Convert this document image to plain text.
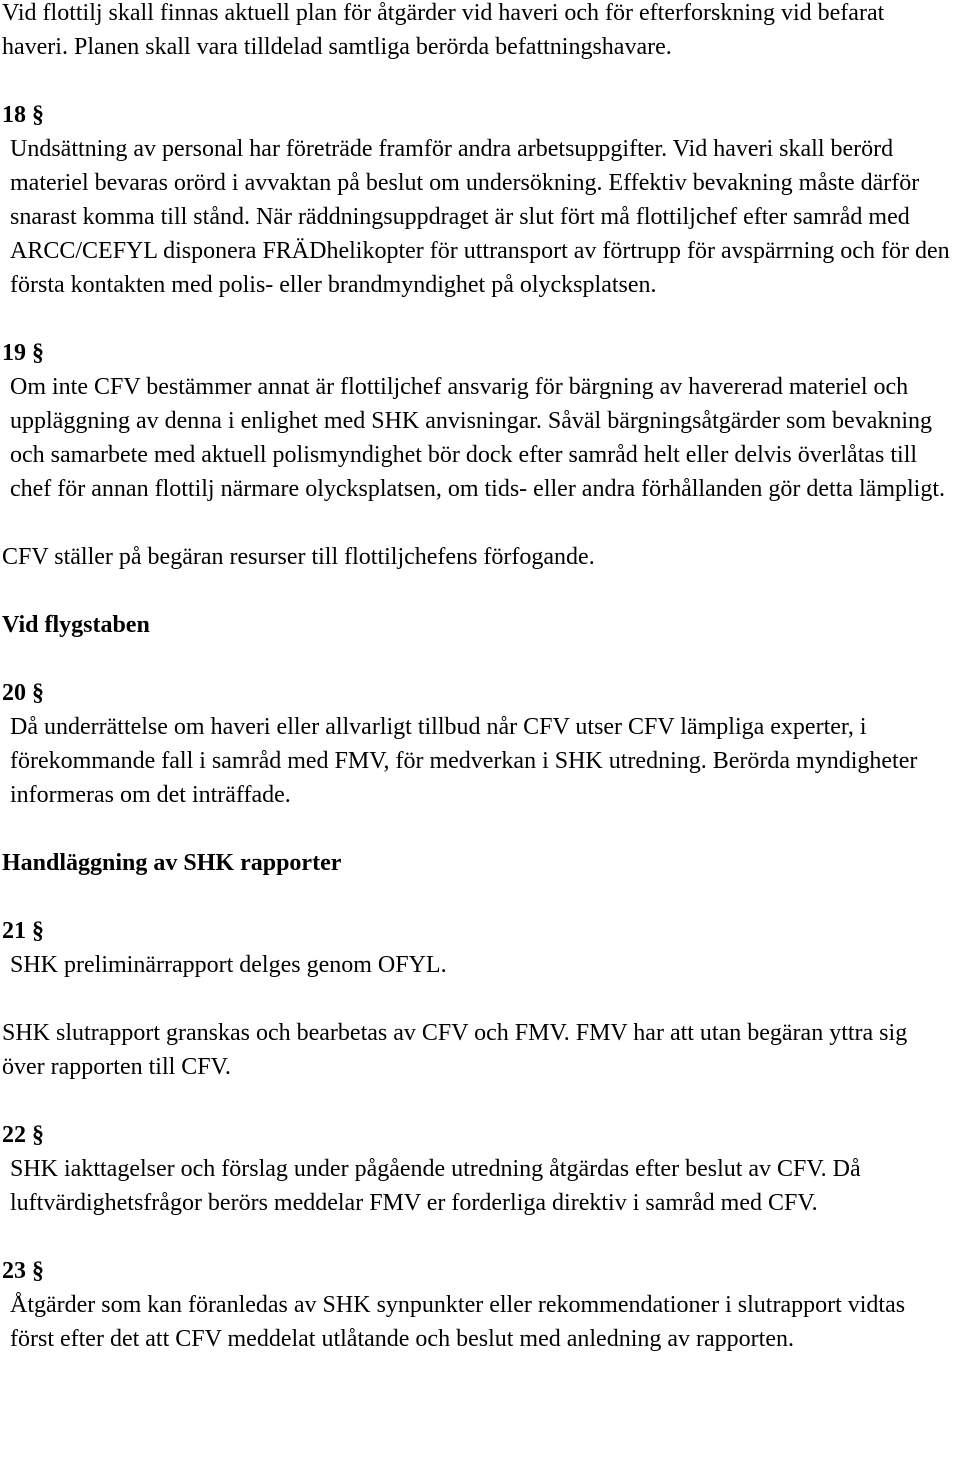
Vid flottilj skall finnas aktuell plan för åtgärder vid haveri och för efterforskning vid befarat haveri. Planen skall vara tilldelad samtliga berörda befattningshavare.

18 §

Undsättning av personal har företräde framför andra arbetsuppgifter. Vid haveri skall berörd materiel bevaras orörd i avvaktan på beslut om undersökning. Effektiv bevakning måste därför snarast komma till stånd. När räddningsuppdraget är slut fört må flottiljchef efter samråd med ARCC/CEFYL disponera FRÄDhelikopter för uttransport av förtrupp för avspärrning och för den första kontakten med polis- eller brandmyndighet på olycksplatsen.

19 §

Om inte CFV bestämmer annat är flottiljchef ansvarig för bärgning av havererad materiel och uppläggning av denna i enlighet med SHK anvisningar. Såväl bärgningsåtgärder som bevakning och samarbete med aktuell polismyndighet bör dock efter samråd helt eller delvis överlåtas till chef för annan flottilj närmare olycksplatsen, om tids- eller andra förhållanden gör detta lämpligt.

CFV ställer på begäran resurser till flottiljchefens förfogande.

Vid flygstaben

20 §

Då underrättelse om haveri eller allvarligt tillbud når CFV utser CFV lämpliga experter, i förekommande fall i samråd med FMV, för medverkan i SHK utredning. Berörda myndigheter informeras om det inträffade.

Handläggning av SHK rapporter

21 §

SHK preliminärrapport delges genom OFYL.

SHK slutrapport granskas och bearbetas av CFV och FMV. FMV har att utan begäran yttra sig över rapporten till CFV.

22 §

SHK iakttagelser och förslag under pågående utredning åtgärdas efter beslut av CFV. Då luftvärdighetsfrågor berörs meddelar FMV er forderliga direktiv i samråd med CFV.

23 §

Åtgärder som kan föranledas av SHK synpunkter eller rekommendationer i slutrapport vidtas först efter det att CFV meddelat utlåtande och beslut med anledning av rapporten.
